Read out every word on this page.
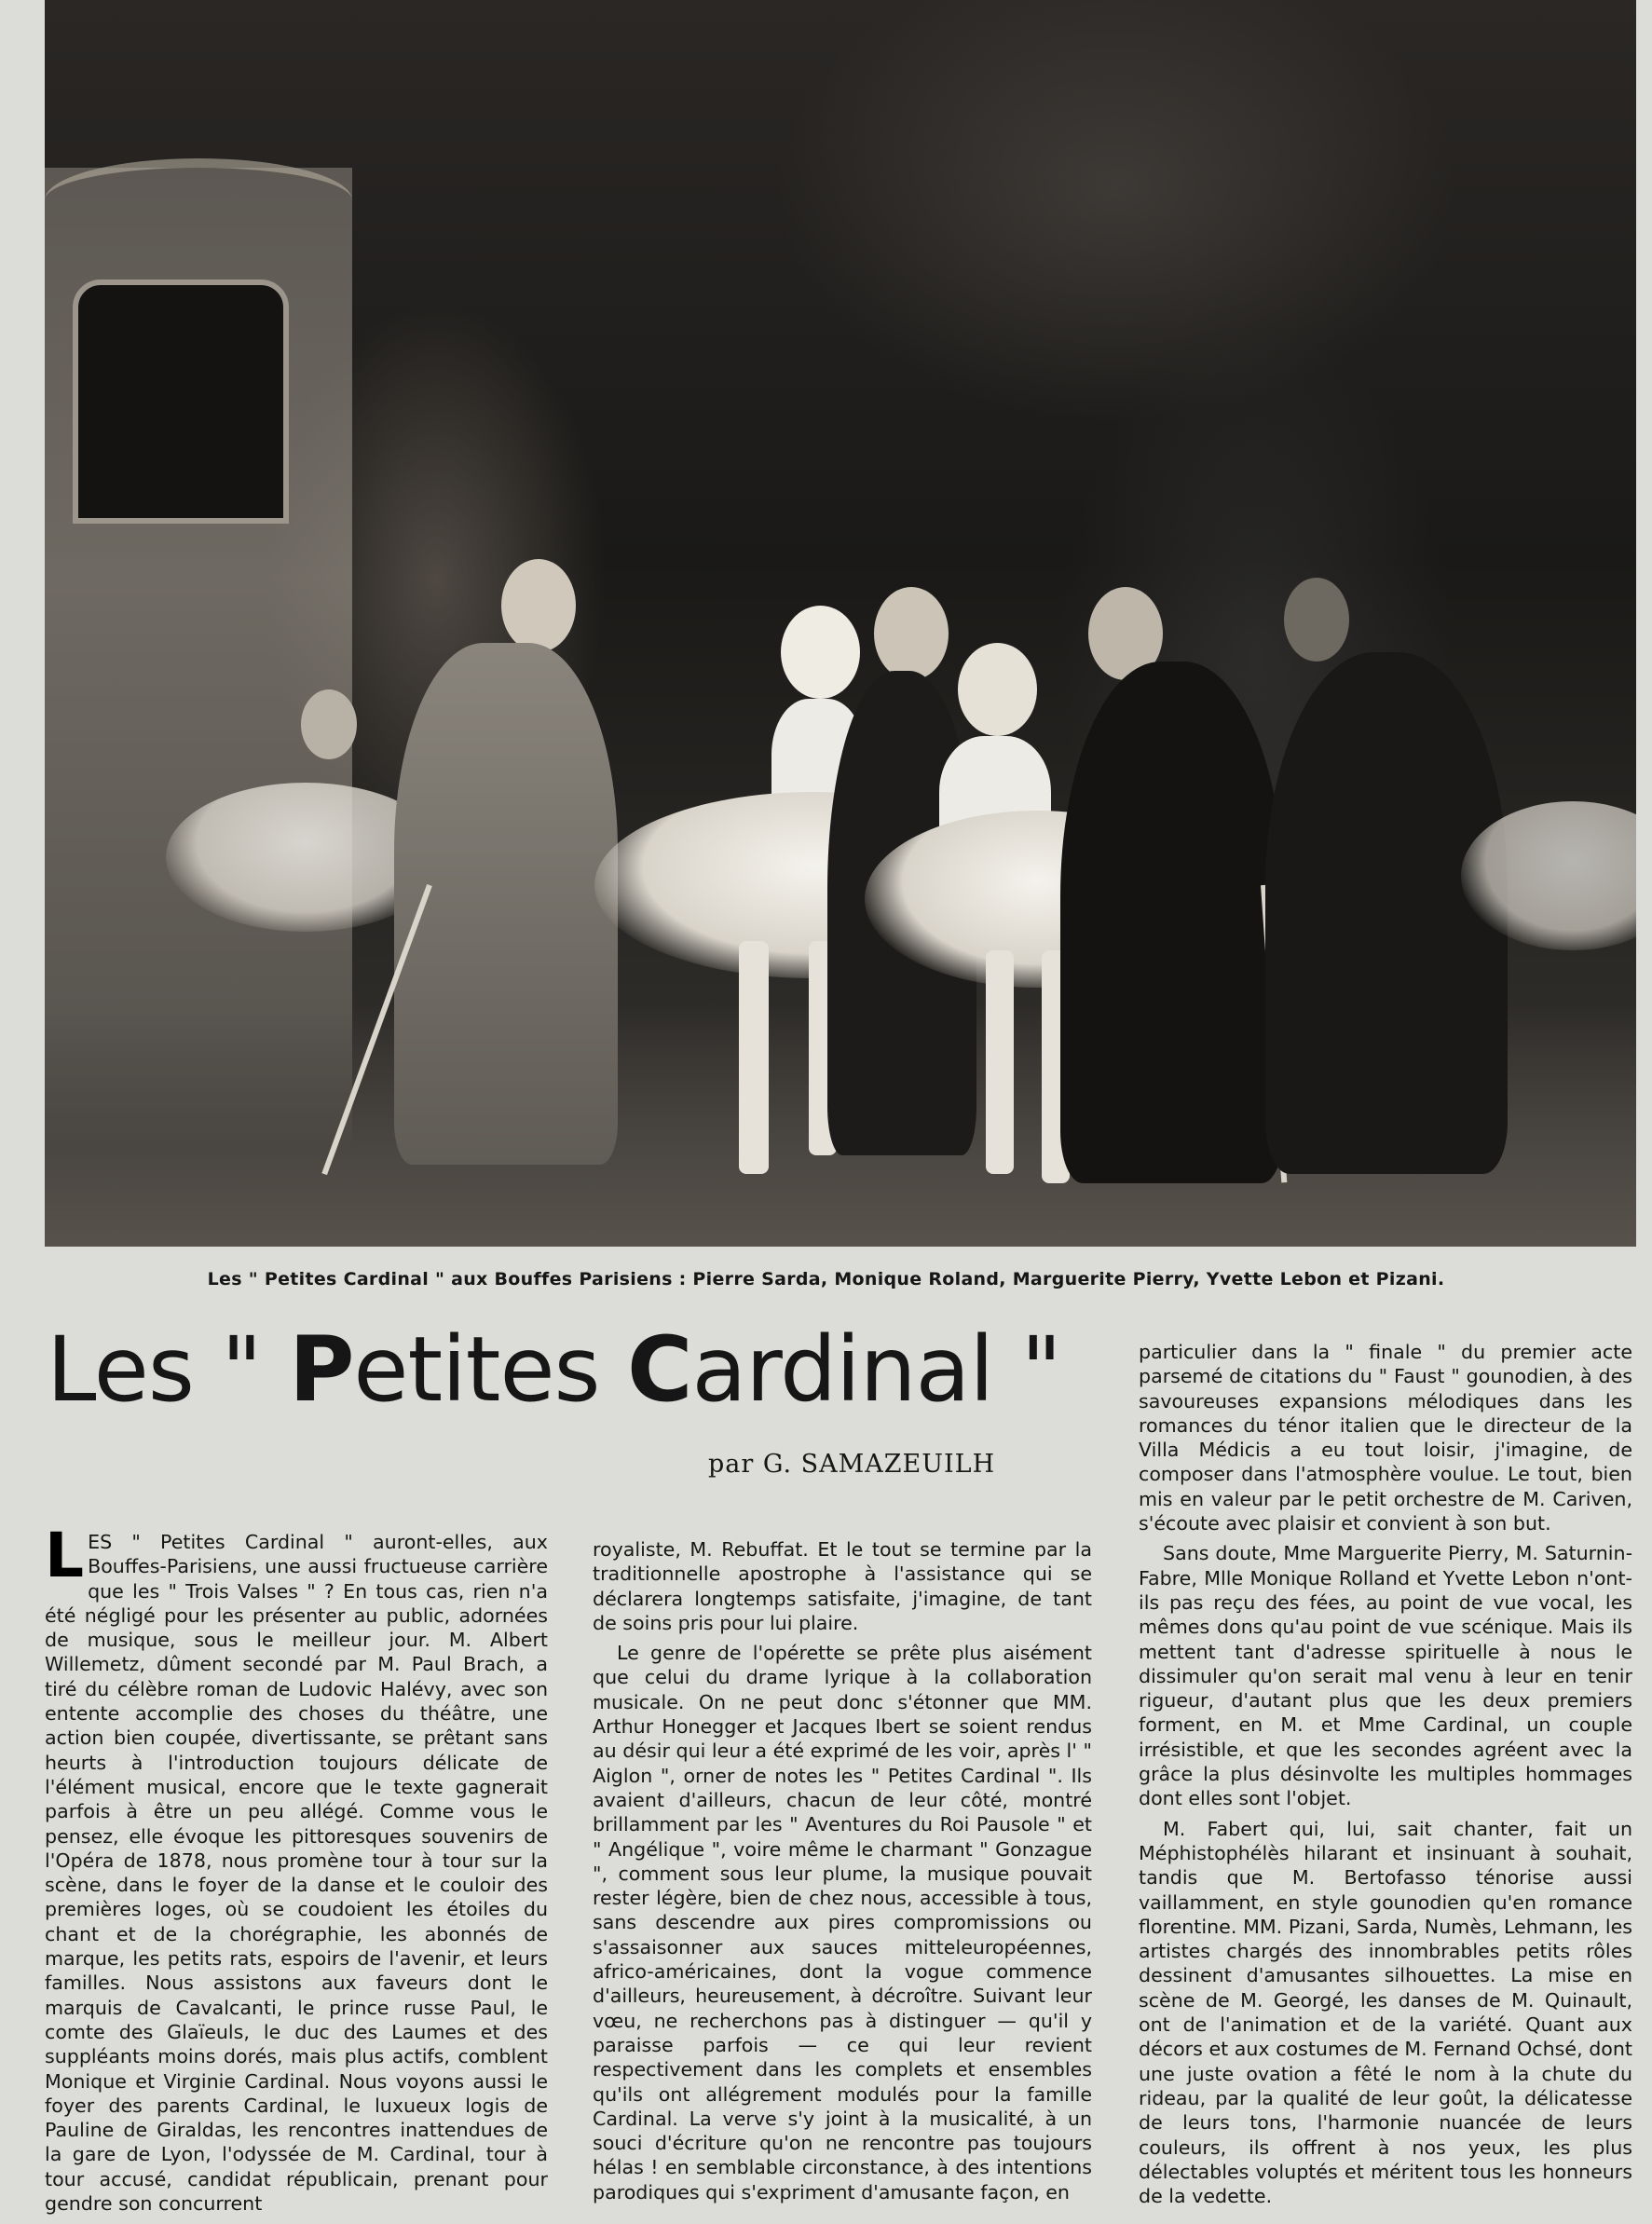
Les " Petites Cardinal " aux Bouffes Parisiens : Pierre Sarda, Monique Roland, Marguerite Pierry, Yvette Lebon et Pizani.
Les " Petites Cardinal "
par G. SAMAZEUILH

LES " Petites Cardinal " auront-elles, aux Bouffes-Parisiens, une aussi fructueuse carrière que les " Trois Valses " ? En tous cas, rien n'a été négligé pour les présenter au public, adornées de musique, sous le meilleur jour. M. Albert Willemetz, dûment secondé par M. Paul Brach, a tiré du célèbre roman de Ludovic Halévy, avec son entente accomplie des choses du théâtre, une action bien coupée, divertissante, se prêtant sans heurts à l'introduction toujours délicate de l'élément musical, encore que le texte gagnerait parfois à être un peu allégé. Comme vous le pensez, elle évoque les pittoresques souvenirs de l'Opéra de 1878, nous promène tour à tour sur la scène, dans le foyer de la danse et le couloir des premières loges, où se coudoient les étoiles du chant et de la chorégraphie, les abonnés de marque, les petits rats, espoirs de l'avenir, et leurs familles. Nous assistons aux faveurs dont le marquis de Cavalcanti, le prince russe Paul, le comte des Glaïeuls, le duc des Laumes et des suppléants moins dorés, mais plus actifs, comblent Monique et Virginie Cardinal. Nous voyons aussi le foyer des parents Cardinal, le luxueux logis de Pauline de Giraldas, les rencontres inattendues de la gare de Lyon, l'odyssée de M. Cardinal, tour à tour accusé, candidat républicain, prenant pour gendre son concurrent

royaliste, M. Rebuffat. Et le tout se termine par la traditionnelle apostrophe à l'assistance qui se déclarera longtemps satisfaite, j'imagine, de tant de soins pris pour lui plaire.

Le genre de l'opérette se prête plus aisément que celui du drame lyrique à la collaboration musicale. On ne peut donc s'étonner que MM. Arthur Honegger et Jacques Ibert se soient rendus au désir qui leur a été exprimé de les voir, après l' " Aiglon ", orner de notes les " Petites Cardinal ". Ils avaient d'ailleurs, chacun de leur côté, montré brillamment par les " Aventures du Roi Pausole " et " Angélique ", voire même le charmant " Gonzague ", comment sous leur plume, la musique pouvait rester légère, bien de chez nous, accessible à tous, sans descendre aux pires compromissions ou s'assaisonner aux sauces mitteleuropéennes, africo-américaines, dont la vogue commence d'ailleurs, heureusement, à décroître. Suivant leur vœu, ne recherchons pas à distinguer — qu'il y paraisse parfois — ce qui leur revient respectivement dans les complets et ensembles qu'ils ont allégrement modulés pour la famille Cardinal. La verve s'y joint à la musicalité, à un souci d'écriture qu'on ne rencontre pas toujours hélas ! en semblable circonstance, à des intentions parodiques qui s'expriment d'amusante façon, en

particulier dans la " finale " du premier acte parsemé de citations du " Faust " gounodien, à des savoureuses expansions mélodiques dans les romances du ténor italien que le directeur de la Villa Médicis a eu tout loisir, j'imagine, de composer dans l'atmosphère voulue. Le tout, bien mis en valeur par le petit orchestre de M. Cariven, s'écoute avec plaisir et convient à son but.

Sans doute, Mme Marguerite Pierry, M. Saturnin-Fabre, Mlle Monique Rolland et Yvette Lebon n'ont-ils pas reçu des fées, au point de vue vocal, les mêmes dons qu'au point de vue scénique. Mais ils mettent tant d'adresse spirituelle à nous le dissimuler qu'on serait mal venu à leur en tenir rigueur, d'autant plus que les deux premiers forment, en M. et Mme Cardinal, un couple irrésistible, et que les secondes agréent avec la grâce la plus désinvolte les multiples hommages dont elles sont l'objet.

M. Fabert qui, lui, sait chanter, fait un Méphistophélès hilarant et insinuant à souhait, tandis que M. Bertofasso ténorise aussi vaillamment, en style gounodien qu'en romance florentine. MM. Pizani, Sarda, Numès, Lehmann, les artistes chargés des innombrables petits rôles dessinent d'amusantes silhouettes. La mise en scène de M. Georgé, les danses de M. Quinault, ont de l'animation et de la variété. Quant aux décors et aux costumes de M. Fernand Ochsé, dont une juste ovation a fêté le nom à la chute du rideau, par la qualité de leur goût, la délicatesse de leurs tons, l'harmonie nuancée de leurs couleurs, ils offrent à nos yeux, les plus délectables voluptés et méritent tous les honneurs de la vedette.
